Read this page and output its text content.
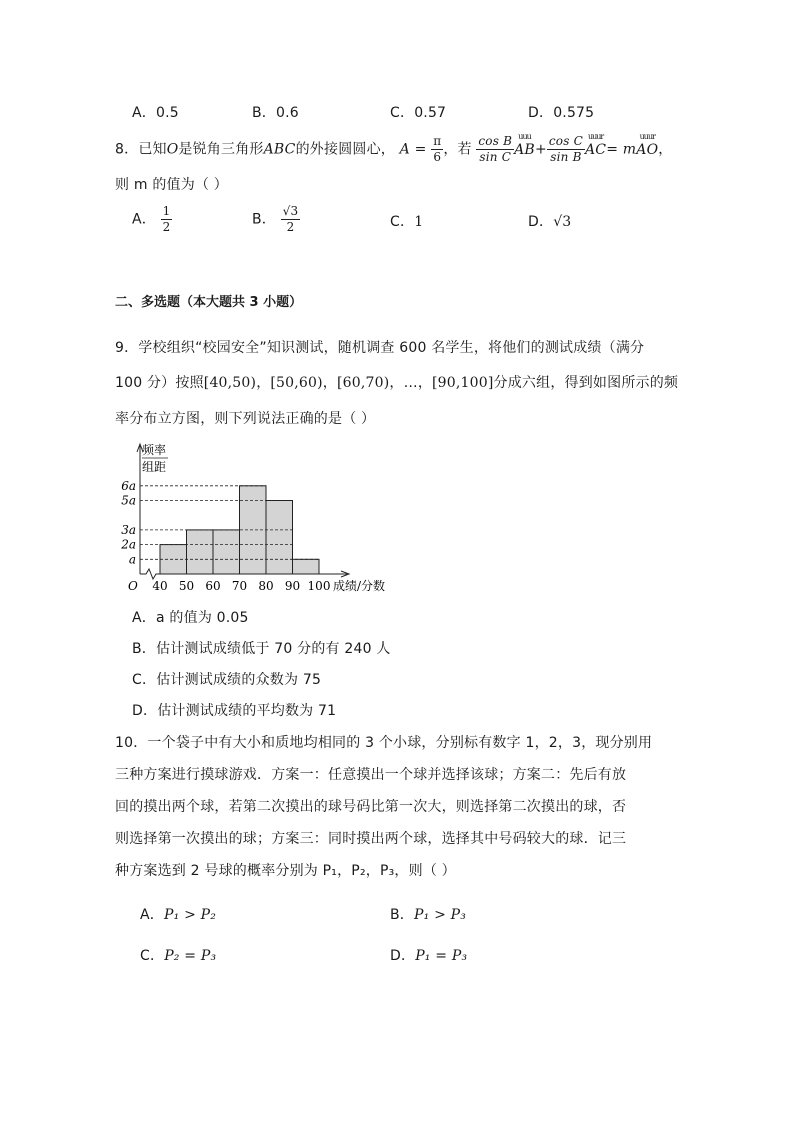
A．0.5	B．0.6	C．0.57	D．0.575
8．已知O是锐角三角形ABC的外接圆圆心， $A = \frac{\pi}{6}$ ，若 $\frac{\text{cos B}}{\text{sin C}}$ uuu
$AB+ \frac{\text{cos C}}{\text{sin B}}$ uuur
AC= m
uuur
AO，
则 m 的值为（ ）
A． $\frac{1}{2}$	B． $\frac{√3}{2}$	C．1	D．√3
二、多选题（本大题共 3 小题）
9．学校组织“校园安全”知识测试，随机调查 600 名学生，将他们的测试成绩（满分
100 分）按照[40,50)，[50,60)，[60,70)，…，[90,100]分成六组，得到如图所示的频
率分布立方图，则下列说法正确的是（ ）
a
2a
3a
5a
6a
40 50 60 70 80 90 100
O
频率
组距
成绩/分数
A．a 的值为 0.05
B．估计测试成绩低于 70 分的有 240 人
C．估计测试成绩的众数为 75
D．估计测试成绩的平均数为 71
10．一个袋子中有大小和质地均相同的 3 个小球，分别标有数字 1，2，3，现分别用
三种方案进行摸球游戏．方案一：任意摸出一个球并选择该球；方案二：先后有放
回的摸出两个球，若第二次摸出的球号码比第一次大，则选择第二次摸出的球，否
则选择第一次摸出的球；方案三：同时摸出两个球，选择其中号码较大的球．记三
种方案选到 2 号球的概率分别为 P₁，P₂，P₃，则（ ）
A．P₁ > P₂	B．P₁ > P₃
C．P₂ = P₃	D．P₁ = P₃
